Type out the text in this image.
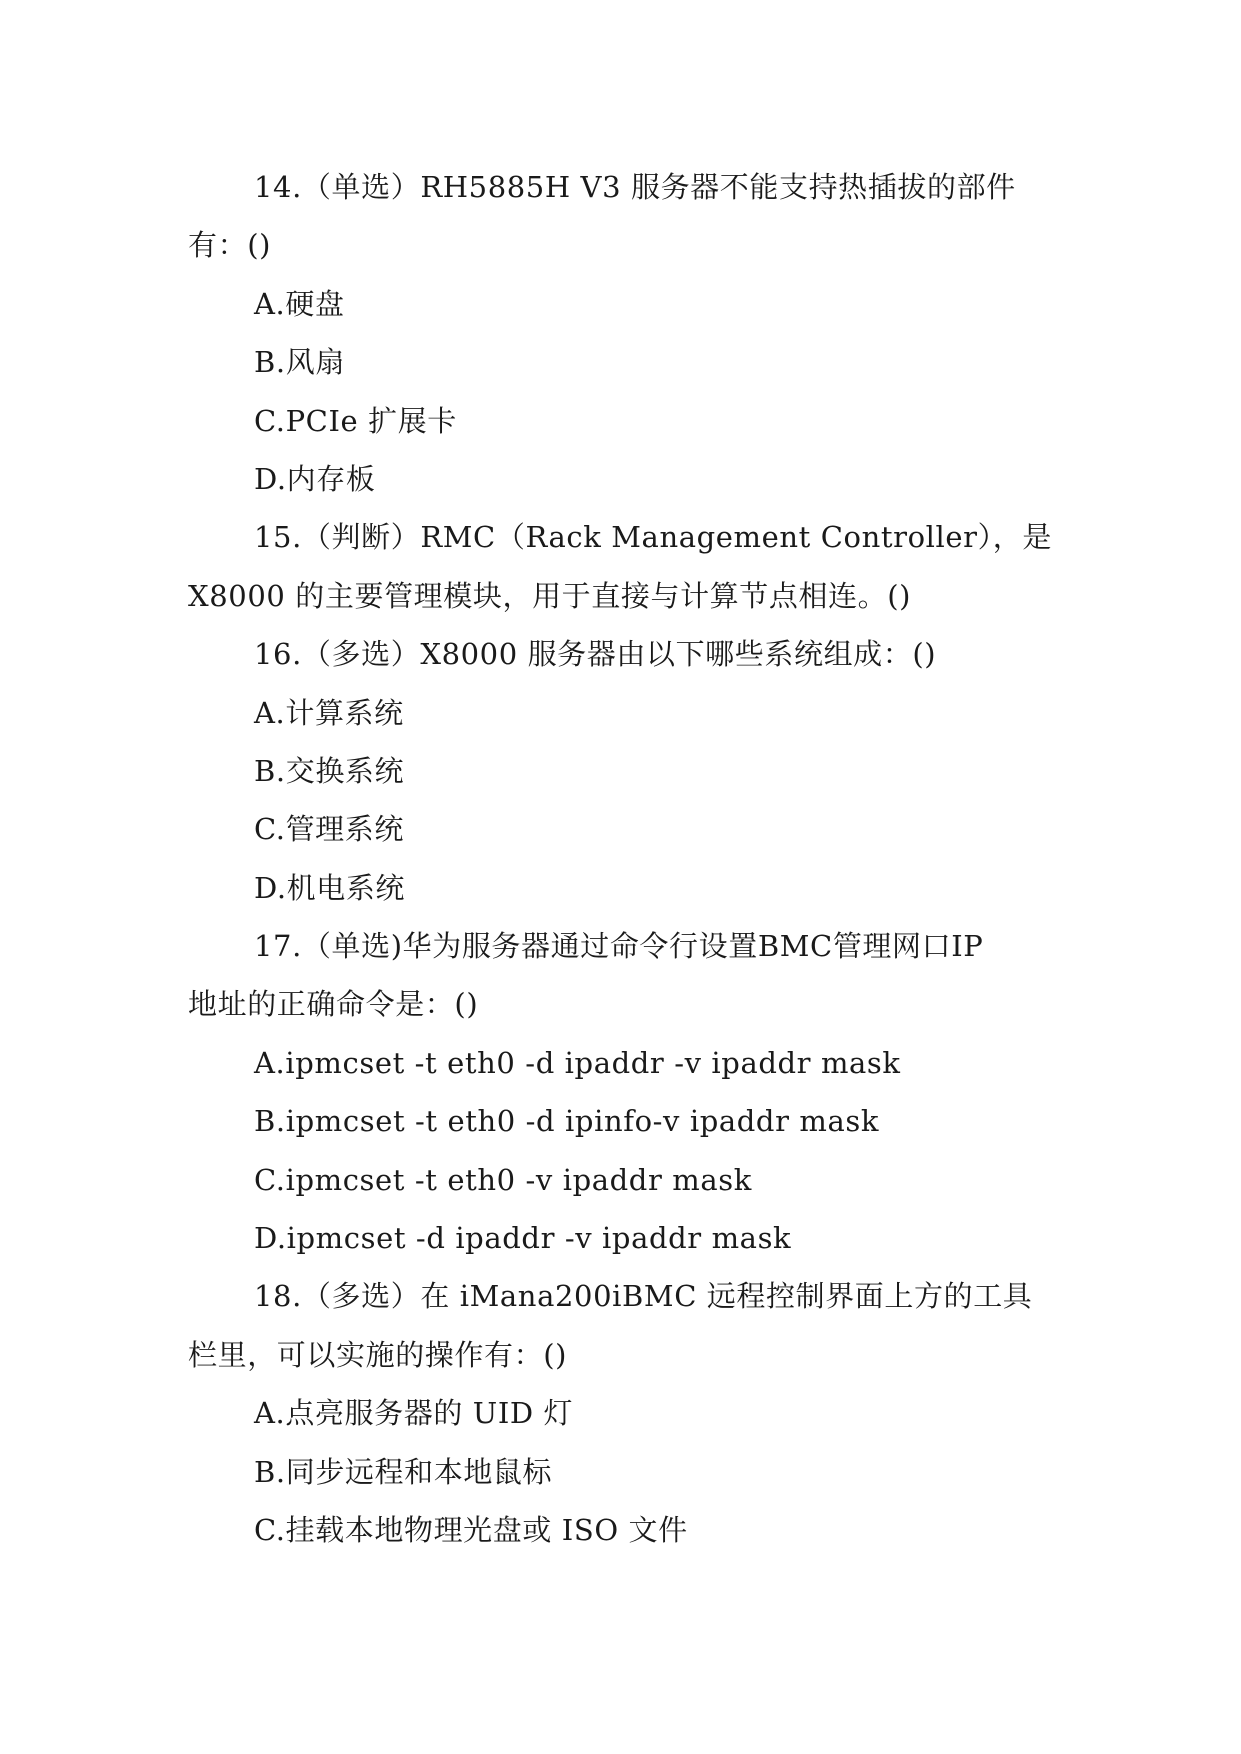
14.（单选）RH5885H V3 服务器不能支持热插拔的部件
有：()
A.硬盘
B.风扇
C.PCIe 扩展卡
D.内存板
15.（判断）RMC（Rack Management Controller），是
X8000 的主要管理模块，用于直接与计算节点相连。()
16.（多选）X8000 服务器由以下哪些系统组成：()
A.计算系统
B.交换系统
C.管理系统
D.机电系统
17.（单选)华为服务器通过命令行设置BMC管理网口IP
地址的正确命令是：()
A.ipmcset -t eth0 -d ipaddr -v ipaddr mask
B.ipmcset -t eth0 -d ipinfo-v ipaddr mask
C.ipmcset -t eth0 -v ipaddr mask
D.ipmcset -d ipaddr -v ipaddr mask
18.（多选）在 iMana200iBMC 远程控制界面上方的工具
栏里，可以实施的操作有：()
A.点亮服务器的 UID 灯
B.同步远程和本地鼠标
C.挂载本地物理光盘或 ISO 文件
